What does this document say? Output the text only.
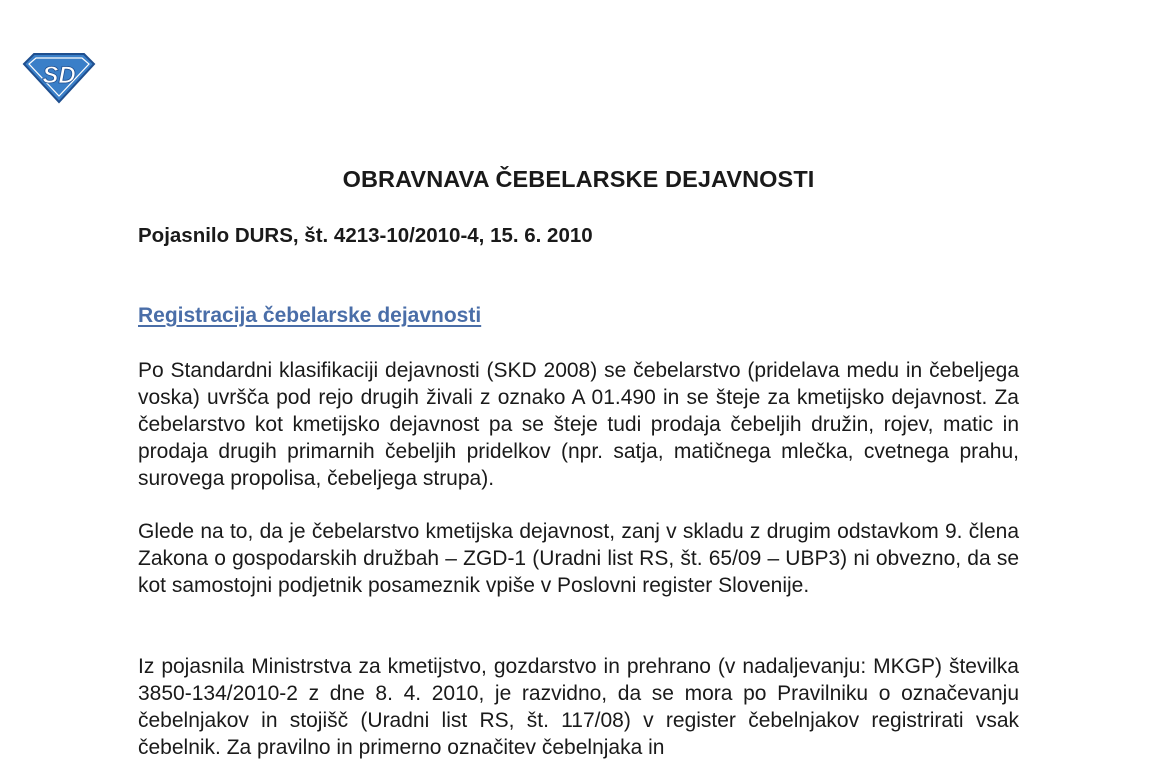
SD
OBRAVNAVA ČEBELARSKE DEJAVNOSTI

Pojasnilo DURS, št. 4213-10/2010-4, 15. 6. 2010

Registracija čebelarske dejavnosti

Po Standardni klasifikaciji dejavnosti (SKD 2008) se čebelarstvo (pridelava medu in čebeljega voska) uvršča pod rejo drugih živali z oznako A 01.490 in se šteje za kmetijsko dejavnost. Za čebelarstvo kot kmetijsko dejavnost pa se šteje tudi prodaja čebeljih družin, rojev, matic in prodaja drugih primarnih čebeljih pridelkov (npr. satja, matičnega mlečka, cvetnega prahu, surovega propolisa, čebeljega strupa).

Glede na to, da je čebelarstvo kmetijska dejavnost, zanj v skladu z drugim odstavkom 9. člena Zakona o gospodarskih družbah – ZGD-1 (Uradni list RS, št. 65/09 – UBP3) ni obvezno, da se kot samostojni podjetnik posameznik vpiše v Poslovni register Slovenije.

Iz pojasnila Ministrstva za kmetijstvo, gozdarstvo in prehrano (v nadaljevanju: MKGP) številka 3850-134/2010-2 z dne 8. 4. 2010, je razvidno, da se mora po Pravilniku o označevanju čebelnjakov in stojišč (Uradni list RS, št. 117/08) v register čebelnjakov registrirati vsak čebelnik. Za pravilno in primerno označitev čebelnjaka in
